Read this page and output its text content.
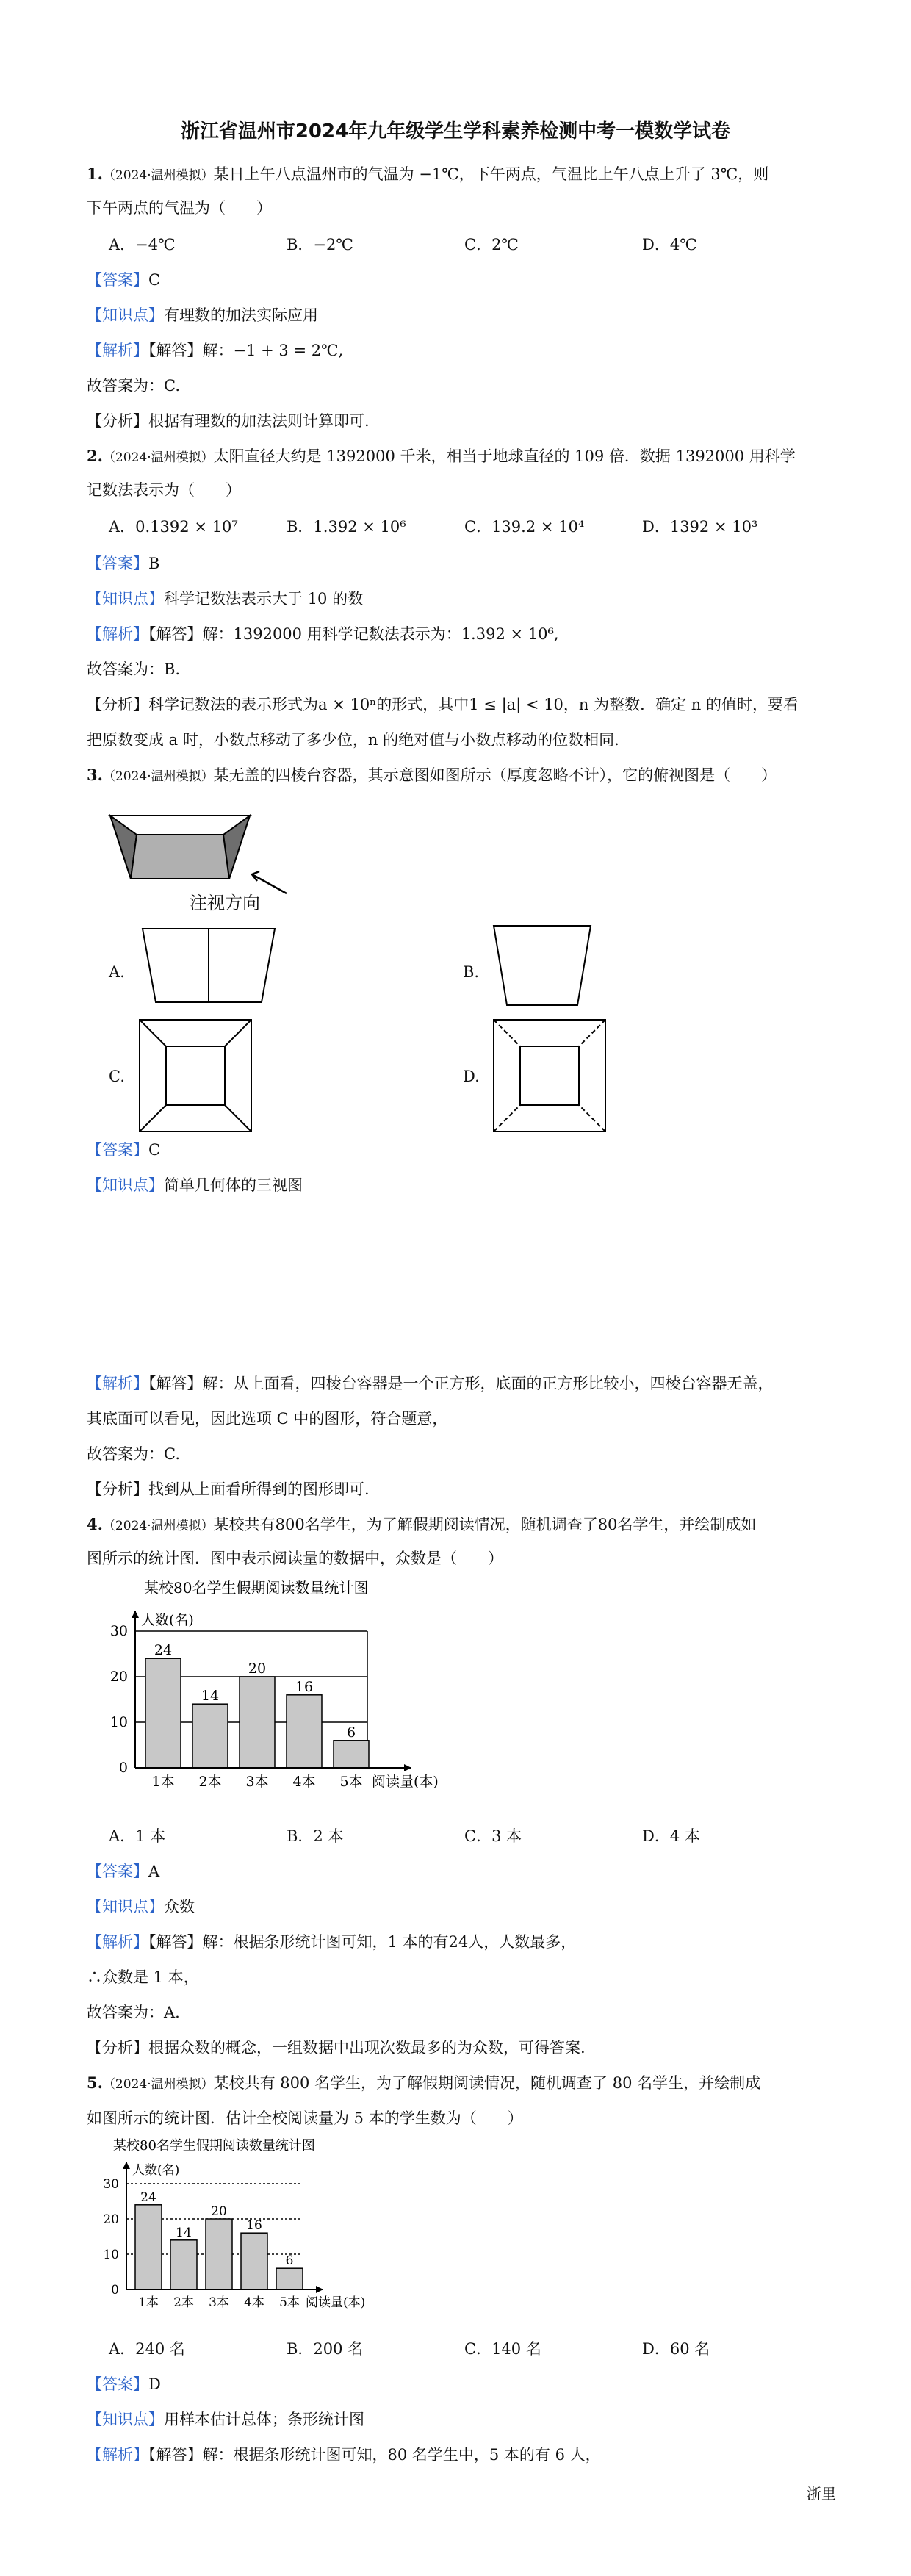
浙江省温州市2024年九年级学生学科素养检测中考一模数学试卷
1.（2024·温州模拟）某日上午八点温州市的气温为 −1℃，下午两点，气温比上午八点上升了 3℃，则
下午两点的气温为（　　）
A．−4℃	B．−2℃	C．2℃	D．4℃
【答案】C
【知识点】有理数的加法实际应用
【解析】【解答】解：−1 + 3 = 2℃,
故答案为：C.
【分析】根据有理数的加法法则计算即可.
2.（2024·温州模拟）太阳直径大约是 1392000 千米，相当于地球直径的 109 倍．数据 1392000 用科学
记数法表示为（　　）
A．0.1392 × 10⁷	B．1.392 × 10⁶	C．139.2 × 10⁴	D．1392 × 10³
【答案】B
【知识点】科学记数法表示大于 10 的数
【解析】【解答】解：1392000 用科学记数法表示为：1.392 × 10⁶,
故答案为：B.
【分析】科学记数法的表示形式为a × 10ⁿ的形式，其中1 ≤ |a| < 10，n 为整数．确定 n 的值时，要看
把原数变成 a 时，小数点移动了多少位，n 的绝对值与小数点移动的位数相同.
3.（2024·温州模拟）某无盖的四棱台容器，其示意图如图所示（厚度忽略不计），它的俯视图是（　　）
注视方向
A.	B.
C.	D.
【答案】C
【知识点】简单几何体的三视图
【解析】【解答】解：从上面看，四棱台容器是一个正方形，底面的正方形比较小，四棱台容器无盖，
其底面可以看见，因此选项 C 中的图形，符合题意，
故答案为：C.
【分析】找到从上面看所得到的图形即可.
4.（2024·温州模拟）某校共有800名学生，为了解假期阅读情况，随机调查了80名学生，并绘制成如
图所示的统计图．图中表示阅读量的数据中，众数是（　　）
某校80名学生假期阅读数量统计图
0
10
20
30
24
1本
14
2本
20
3本
16
4本
6
5本
人数(名)
阅读量(本)
A．1 本	B．2 本	C．3 本	D．4 本
【答案】A
【知识点】众数
【解析】【解答】解：根据条形统计图可知，1 本的有24人，人数最多，
∴众数是 1 本，
故答案为：A.
【分析】根据众数的概念，一组数据中出现次数最多的为众数，可得答案.
5.（2024·温州模拟）某校共有 800 名学生，为了解假期阅读情况，随机调查了 80 名学生，并绘制成
如图所示的统计图．估计全校阅读量为 5 本的学生数为（　　）
某校80名学生假期阅读数量统计图
0
10
20
30
24
1本
14
2本
20
3本
16
4本
6
5本
人数(名)
阅读量(本)
A．240 名	B．200 名	C．140 名	D．60 名
【答案】D
【知识点】用样本估计总体；条形统计图
【解析】【解答】解：根据条形统计图可知，80 名学生中，5 本的有 6 人，
浙里
